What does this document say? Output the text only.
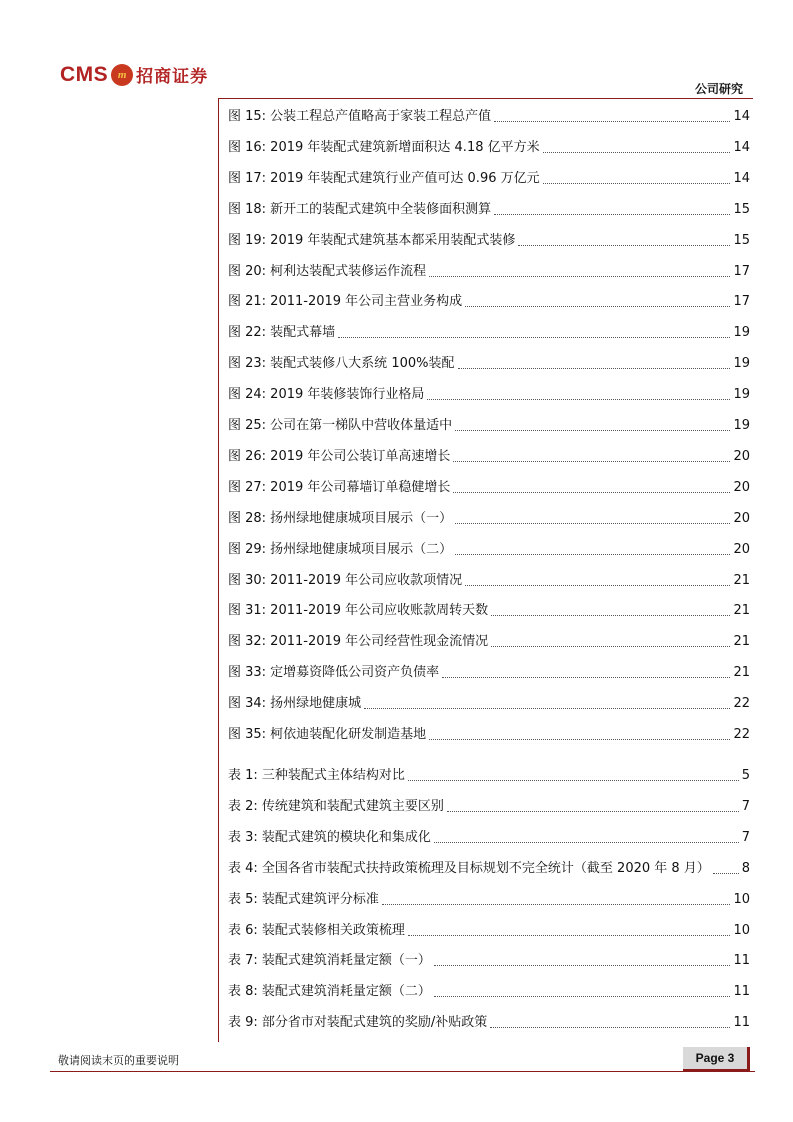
CMS m 招商证券
公司研究
图 15: 公装工程总产值略高于家装工程总产值	14
图 16: 2019 年装配式建筑新增面积达 4.18 亿平方米	14
图 17: 2019 年装配式建筑行业产值可达 0.96 万亿元	14
图 18: 新开工的装配式建筑中全装修面积测算	15
图 19: 2019 年装配式建筑基本都采用装配式装修	15
图 20: 柯利达装配式装修运作流程	17
图 21: 2011-2019 年公司主营业务构成	17
图 22: 装配式幕墙	19
图 23: 装配式装修八大系统 100%装配	19
图 24: 2019 年装修装饰行业格局	19
图 25: 公司在第一梯队中营收体量适中	19
图 26: 2019 年公司公装订单高速增长	20
图 27: 2019 年公司幕墙订单稳健增长	20
图 28: 扬州绿地健康城项目展示（一）	20
图 29: 扬州绿地健康城项目展示（二）	20
图 30: 2011-2019 年公司应收款项情况	21
图 31: 2011-2019 年公司应收账款周转天数	21
图 32: 2011-2019 年公司经营性现金流情况	21
图 33: 定增募资降低公司资产负债率	21
图 34: 扬州绿地健康城	22
图 35: 柯依迪装配化研发制造基地	22
表 1: 三种装配式主体结构对比	5
表 2: 传统建筑和装配式建筑主要区别	7
表 3: 装配式建筑的模块化和集成化	7
表 4: 全国各省市装配式扶持政策梳理及目标规划不完全统计（截至 2020 年 8 月） 8
表 5: 装配式建筑评分标准	10
表 6: 装配式装修相关政策梳理	10
表 7: 装配式建筑消耗量定额（一）	11
表 8: 装配式建筑消耗量定额（二）	11
表 9: 部分省市对装配式建筑的奖励/补贴政策	11
敬请阅读末页的重要说明	Page 3
